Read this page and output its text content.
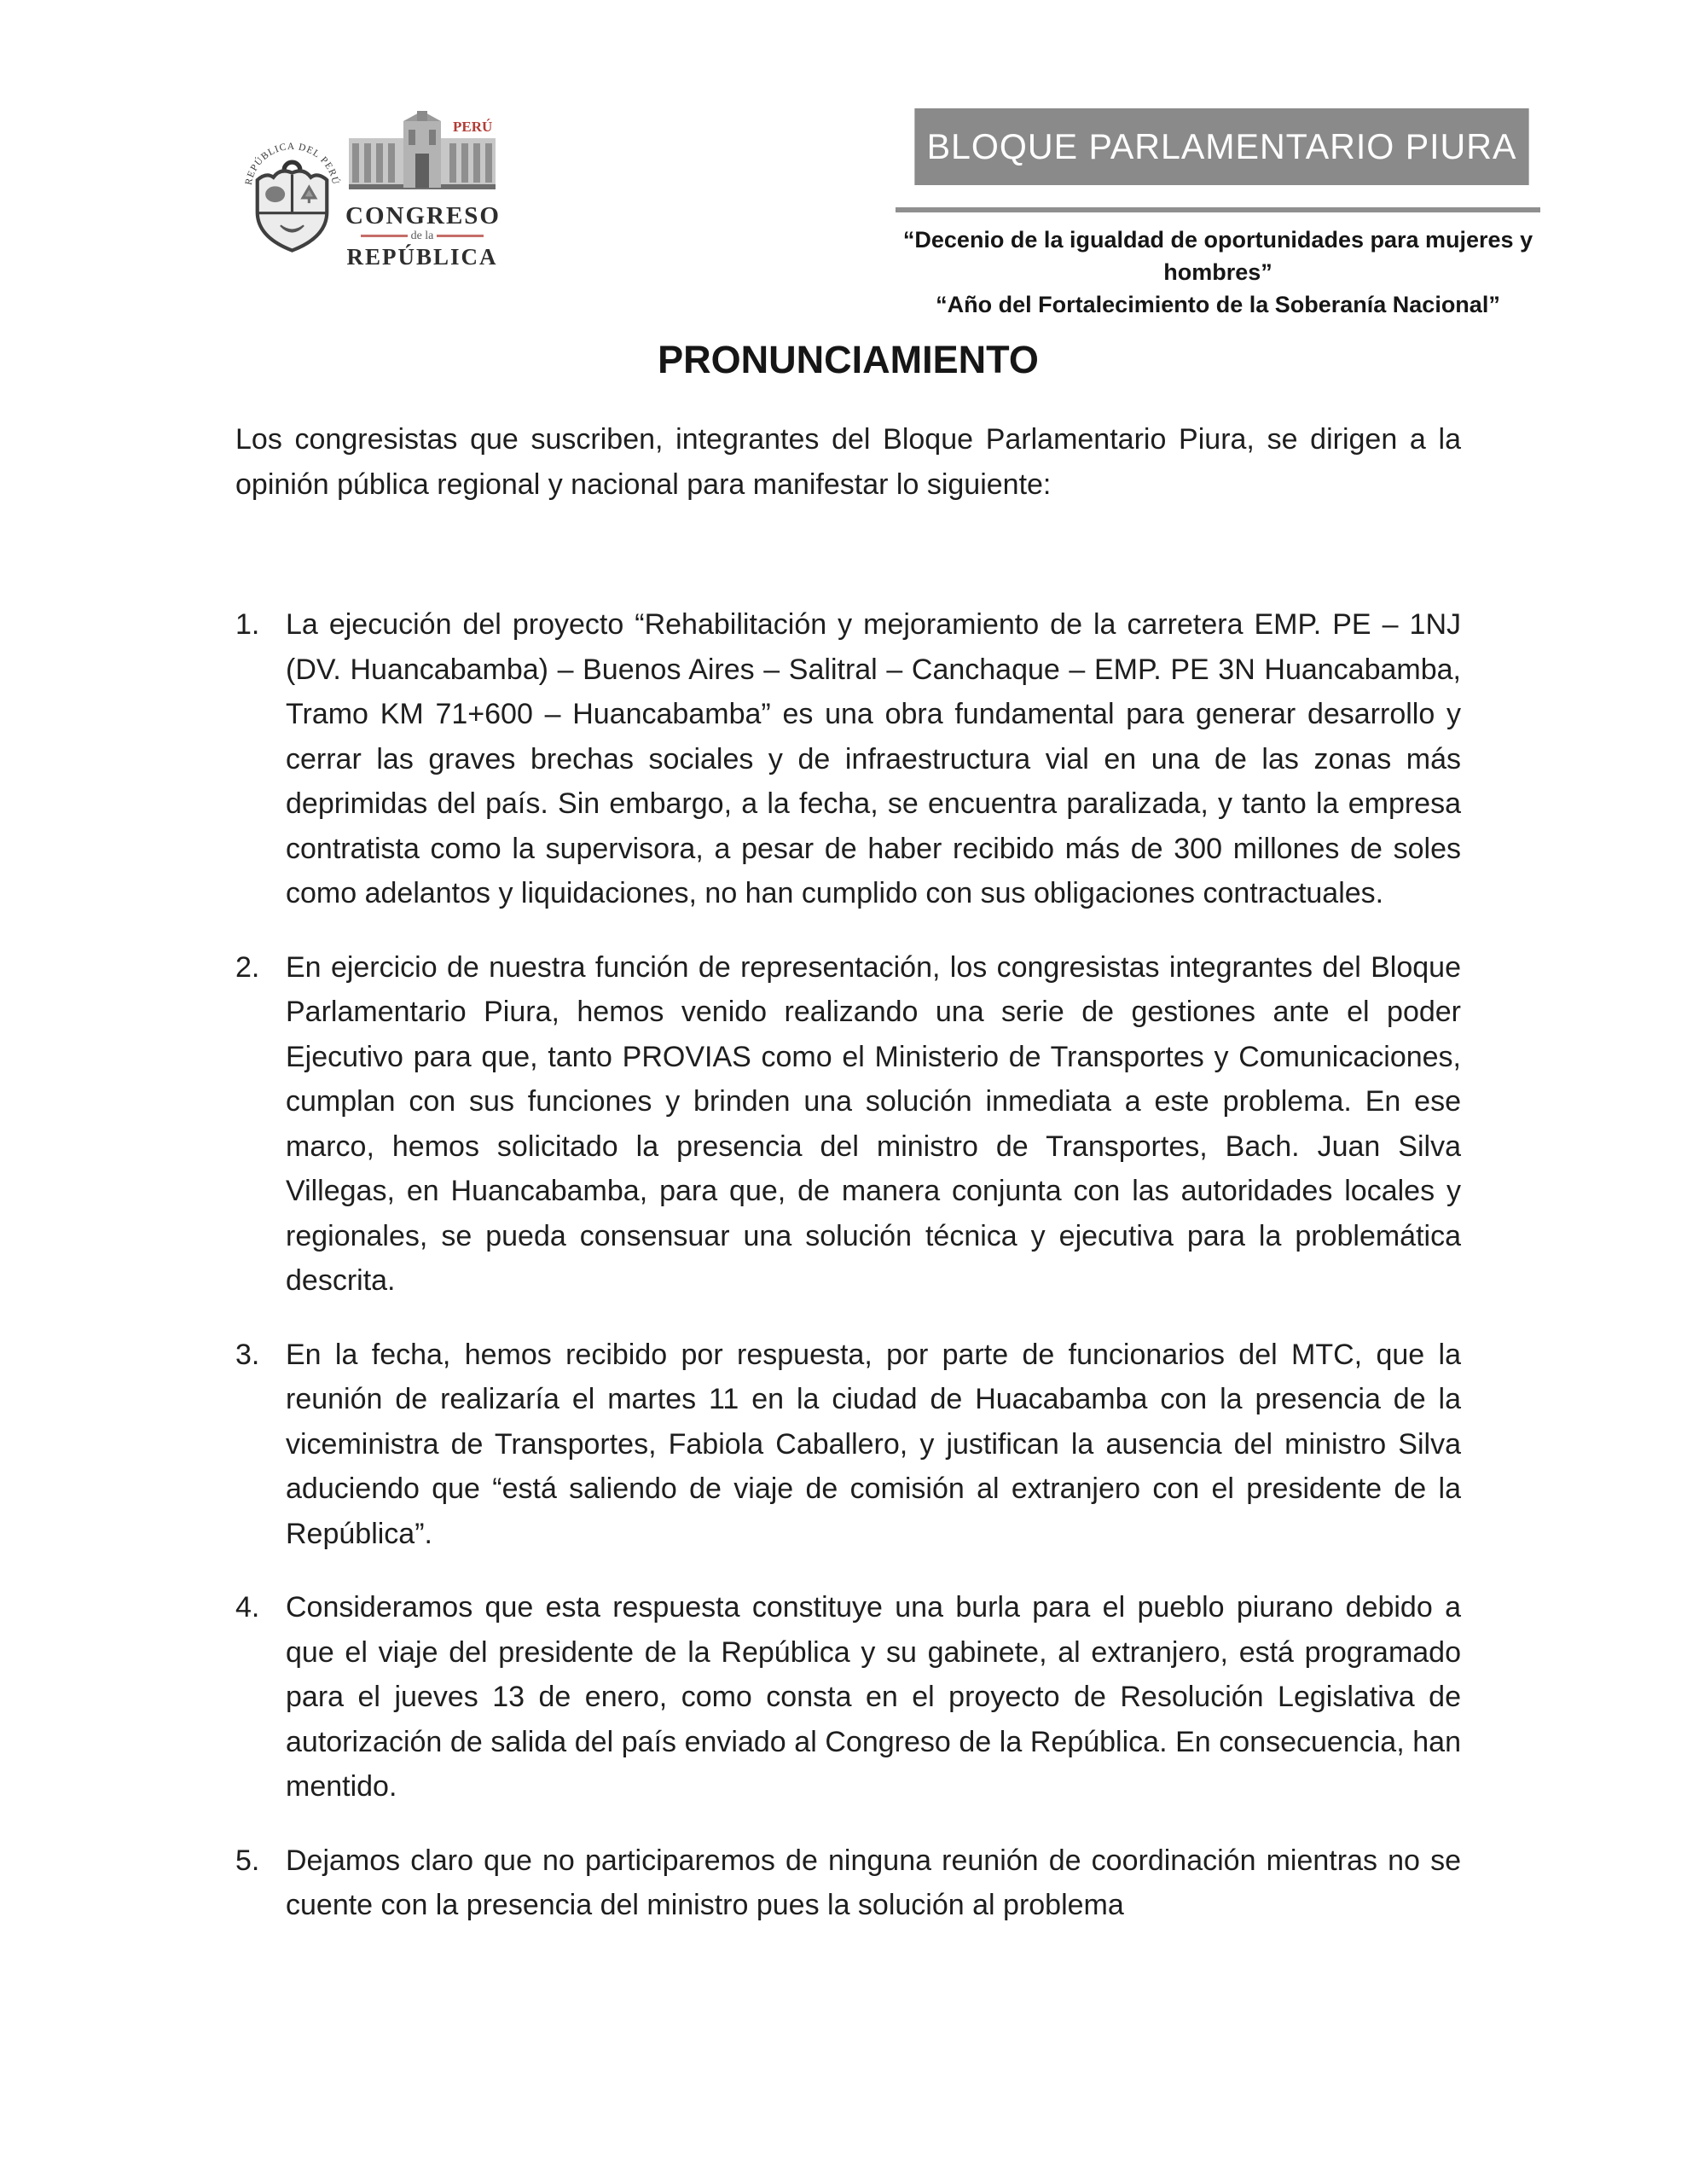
REPÚBLICA DEL PERÚ
PERÚ
CONGRESO
de la
REPÚBLICA
BLOQUE PARLAMENTARIO PIURA
“Decenio de la igualdad de oportunidades para mujeres y hombres”
“Año del Fortalecimiento de la Soberanía Nacional”
PRONUNCIAMIENTO

Los congresistas que suscriben, integrantes del Bloque Parlamentario Piura, se dirigen a la opinión pública regional y nacional para manifestar lo siguiente:

1. La ejecución del proyecto “Rehabilitación y mejoramiento de la carretera EMP. PE – 1NJ (DV. Huancabamba) – Buenos Aires – Salitral – Canchaque – EMP. PE 3N Huancabamba, Tramo KM 71+600 – Huancabamba” es una obra fundamental para generar desarrollo y cerrar las graves brechas sociales y de infraestructura vial en una de las zonas más deprimidas del país. Sin embargo, a la fecha, se encuentra paralizada, y tanto la empresa contratista como la supervisora, a pesar de haber recibido más de 300 millones de soles como adelantos y liquidaciones, no han cumplido con sus obligaciones contractuales.
2. En ejercicio de nuestra función de representación, los congresistas integrantes del Bloque Parlamentario Piura, hemos venido realizando una serie de gestiones ante el poder Ejecutivo para que, tanto PROVIAS como el Ministerio de Transportes y Comunicaciones, cumplan con sus funciones y brinden una solución inmediata a este problema. En ese marco, hemos solicitado la presencia del ministro de Transportes, Bach. Juan Silva Villegas, en Huancabamba, para que, de manera conjunta con las autoridades locales y regionales, se pueda consensuar una solución técnica y ejecutiva para la problemática descrita.
3. En la fecha, hemos recibido por respuesta, por parte de funcionarios del MTC, que la reunión de realizaría el martes 11 en la ciudad de Huacabamba con la presencia de la viceministra de Transportes, Fabiola Caballero, y justifican la ausencia del ministro Silva aduciendo que “está saliendo de viaje de comisión al extranjero con el presidente de la República”.
4. Consideramos que esta respuesta constituye una burla para el pueblo piurano debido a que el viaje del presidente de la República y su gabinete, al extranjero, está programado para el jueves 13 de enero, como consta en el proyecto de Resolución Legislativa de autorización de salida del país enviado al Congreso de la República. En consecuencia, han mentido.
5. Dejamos claro que no participaremos de ninguna reunión de coordinación mientras no se cuente con la presencia del ministro pues la solución al problema
